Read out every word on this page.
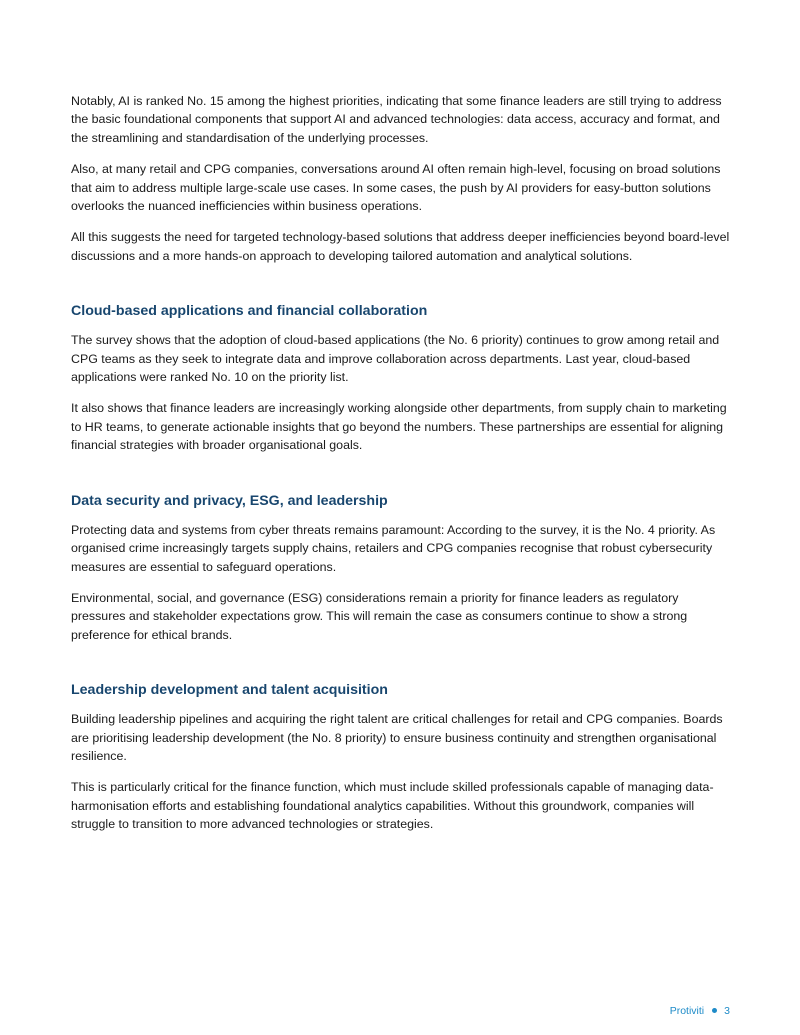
Notably, AI is ranked No. 15 among the highest priorities, indicating that some finance leaders are still trying to address the basic foundational components that support AI and advanced technologies: data access, accuracy and format, and the streamlining and standardisation of the underlying processes.

Also, at many retail and CPG companies, conversations around AI often remain high-level, focusing on broad solutions that aim to address multiple large-scale use cases. In some cases, the push by AI providers for easy-button solutions overlooks the nuanced inefficiencies within business operations.

All this suggests the need for targeted technology-based solutions that address deeper inefficiencies beyond board-level discussions and a more hands-on approach to developing tailored automation and analytical solutions.

Cloud-based applications and financial collaboration

The survey shows that the adoption of cloud-based applications (the No. 6 priority) continues to grow among retail and CPG teams as they seek to integrate data and improve collaboration across departments. Last year, cloud-based applications were ranked No. 10 on the priority list.

It also shows that finance leaders are increasingly working alongside other departments, from supply chain to marketing to HR teams, to generate actionable insights that go beyond the numbers. These partnerships are essential for aligning financial strategies with broader organisational goals.

Data security and privacy, ESG, and leadership

Protecting data and systems from cyber threats remains paramount: According to the survey, it is the No. 4 priority. As organised crime increasingly targets supply chains, retailers and CPG companies recognise that robust cybersecurity measures are essential to safeguard operations.

Environmental, social, and governance (ESG) considerations remain a priority for finance leaders as regulatory pressures and stakeholder expectations grow. This will remain the case as consumers continue to show a strong preference for ethical brands.

Leadership development and talent acquisition

Building leadership pipelines and acquiring the right talent are critical challenges for retail and CPG companies. Boards are prioritising leadership development (the No. 8 priority) to ensure business continuity and strengthen organisational resilience.

This is particularly critical for the finance function, which must include skilled professionals capable of managing data-harmonisation efforts and establishing foundational analytics capabilities. Without this groundwork, companies will struggle to transition to more advanced technologies or strategies.

Protiviti 3
